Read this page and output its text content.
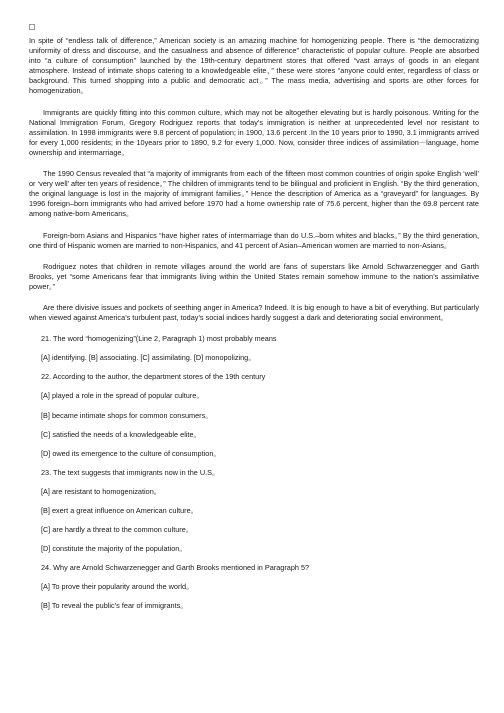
In spite of “endless talk of difference,” American society is an amazing machine for homogenizing people. There is “the democratizing uniformity of dress and discourse, and the casualness and absence of difference” characteristic of popular culture. People are absorbed into “a culture of consumption” launched by the 19th-century department stores that offered “vast arrays of goods in an elegant atmosphere. Instead of intimate shops catering to a knowledgeable elite，” these were stores “anyone could enter, regardless of class or background. This turned shopping into a public and democratic act。” The mass media, advertising and sports are other forces for homogenization。

Immigrants are quickly fitting into this common culture, which may not be altogether elevating but is hardly poisonous. Writing for the National Immigration Forum, Gregory Rodriguez reports that today’s immigration is neither at unprecedented level nor resistant to assimilation. In 1998 immigrants were 9.8 percent of population; in 1900, 13.6 percent .In the 10 years prior to 1990, 3.1 immigrants arrived for every 1,000 residents; in the 10years prior to 1890, 9.2 for every 1,000. Now, consider three indices of assimilation－language, home ownership and intermarriage。

The 1990 Census revealed that “a majority of immigrants from each of the fifteen most common countries of origin spoke English ‘well’ or ‘very well’ after ten years of residence。” The children of immigrants tend to be bilingual and proficient in English. “By the third generation, the original language is lost in the majority of immigrant families。” Hence the description of America as a “graveyard” for languages. By 1996 foreign–born immigrants who had arrived before 1970 had a home ownership rate of 75.6 percent, higher than the 69.8 percent rate among native-born Americans。

Foreign-born Asians and Hispanics “have higher rates of intermarriage than do U.S.–born whites and blacks。” By the third generation, one third of Hispanic women are married to non-Hispanics, and 41 percent of Asian–American women are married to non-Asians。

Rodriguez notes that children in remote villages around the world are fans of superstars like Arnold Schwarzenegger and Garth Brooks, yet “some Americans fear that immigrants living within the United States remain somehow immune to the nation’s assimilative power。”

Are there divisive issues and pockets of seething anger in America? Indeed. It is big enough to have a bit of everything. But particularly when viewed against America’s turbulent past, today’s social indices hardly suggest a dark and deteriorating social environment。

21. The word “homogenizing”(Line 2, Paragraph 1) most probably means

[A] identifying. [B] associating. [C] assimilating. [D] monopolizing。

22. According to the author, the department stores of the 19th century

[A] played a role in the spread of popular culture。

[B] became intimate shops for common consumers。

[C] satisfied the needs of a knowledgeable elite。

[D] owed its emergence to the culture of consumption。

23. The text suggests that immigrants now in the U.S。

[A] are resistant to homogenization。

[B] exert a great influence on American culture。

[C] are hardly a threat to the common culture。

[D] constitute the majority of the population。

24. Why are Arnold Schwarzenegger and Garth Brooks mentioned in Paragraph 5?

[A] To prove their popularity around the world。

[B] To reveal the public’s fear of immigrants。
